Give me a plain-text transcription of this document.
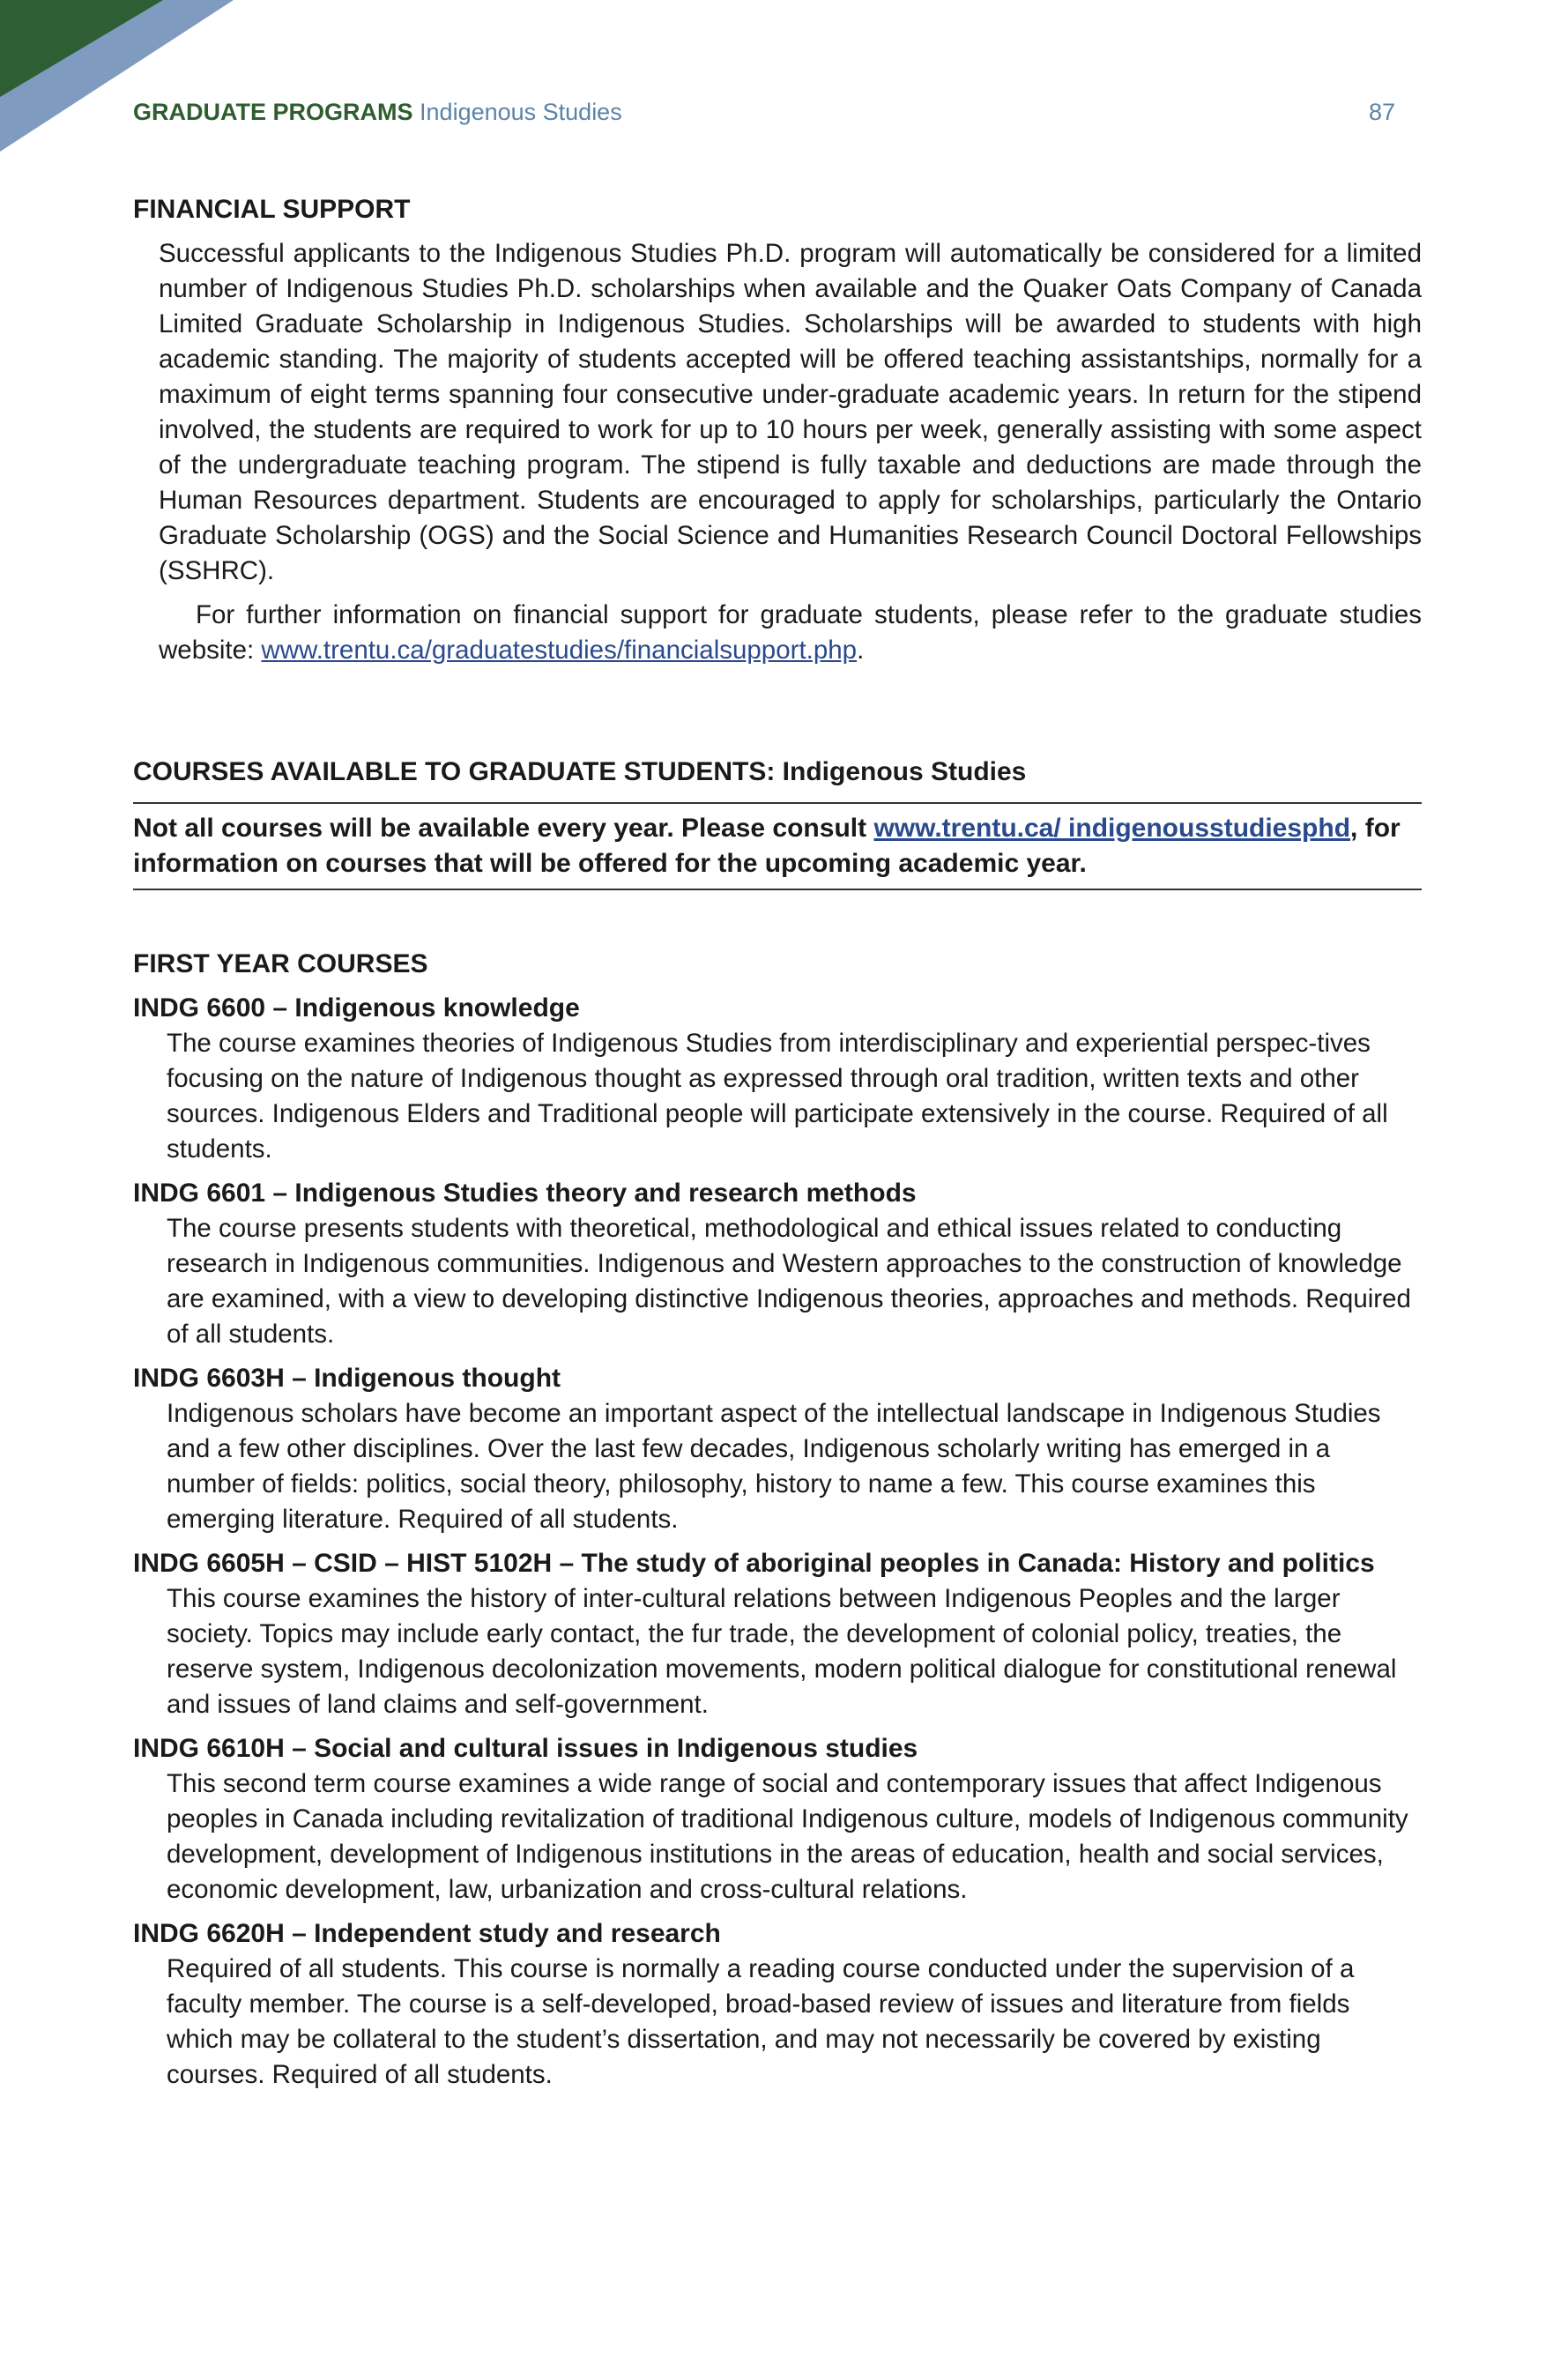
GRADUATE PROGRAMS Indigenous Studies	87
FINANCIAL SUPPORT

Successful applicants to the Indigenous Studies Ph.D. program will automatically be considered for a limited number of Indigenous Studies Ph.D. scholarships when available and the Quaker Oats Company of Canada Limited Graduate Scholarship in Indigenous Studies. Scholarships will be awarded to students with high academic standing. The majority of students accepted will be offered teaching assistantships, normally for a maximum of eight terms spanning four consecutive under-graduate academic years. In return for the stipend involved, the students are required to work for up to 10 hours per week, generally assisting with some aspect of the undergraduate teaching program. The stipend is fully taxable and deductions are made through the Human Resources department. Students are encouraged to apply for scholarships, particularly the Ontario Graduate Scholarship (OGS) and the Social Science and Humanities Research Council Doctoral Fellowships (SSHRC).

For further information on financial support for graduate students, please refer to the graduate studies website: www.trentu.ca/graduatestudies/financialsupport.php.

COURSES AVAILABLE TO GRADUATE STUDENTS: Indigenous Studies
Not all courses will be available every year. Please consult www.trentu.ca/ indigenousstudiesphd, for information on courses that will be offered for the upcoming academic year.
FIRST YEAR COURSES

INDG 6600 – Indigenous knowledge

The course examines theories of Indigenous Studies from interdisciplinary and experiential perspec-tives focusing on the nature of Indigenous thought as expressed through oral tradition, written texts and other sources. Indigenous Elders and Traditional people will participate extensively in the course. Required of all students.

INDG 6601 – Indigenous Studies theory and research methods

The course presents students with theoretical, methodological and ethical issues related to conducting research in Indigenous communities. Indigenous and Western approaches to the construction of knowledge are examined, with a view to developing distinctive Indigenous theories, approaches and methods. Required of all students.

INDG 6603H – Indigenous thought

Indigenous scholars have become an important aspect of the intellectual landscape in Indigenous Studies and a few other disciplines. Over the last few decades, Indigenous scholarly writing has emerged in a number of fields: politics, social theory, philosophy, history to name a few. This course examines this emerging literature. Required of all students.

INDG 6605H – CSID – HIST 5102H – The study of aboriginal peoples in Canada: History and politics

This course examines the history of inter-cultural relations between Indigenous Peoples and the larger society. Topics may include early contact, the fur trade, the development of colonial policy, treaties, the reserve system, Indigenous decolonization movements, modern political dialogue for constitutional renewal and issues of land claims and self-government.

INDG 6610H – Social and cultural issues in Indigenous studies

This second term course examines a wide range of social and contemporary issues that affect Indigenous peoples in Canada including revitalization of traditional Indigenous culture, models of Indigenous community development, development of Indigenous institutions in the areas of education, health and social services, economic development, law, urbanization and cross-cultural relations.

INDG 6620H – Independent study and research

Required of all students. This course is normally a reading course conducted under the supervision of a faculty member. The course is a self-developed, broad-based review of issues and literature from fields which may be collateral to the student’s dissertation, and may not necessarily be covered by existing courses. Required of all students.
